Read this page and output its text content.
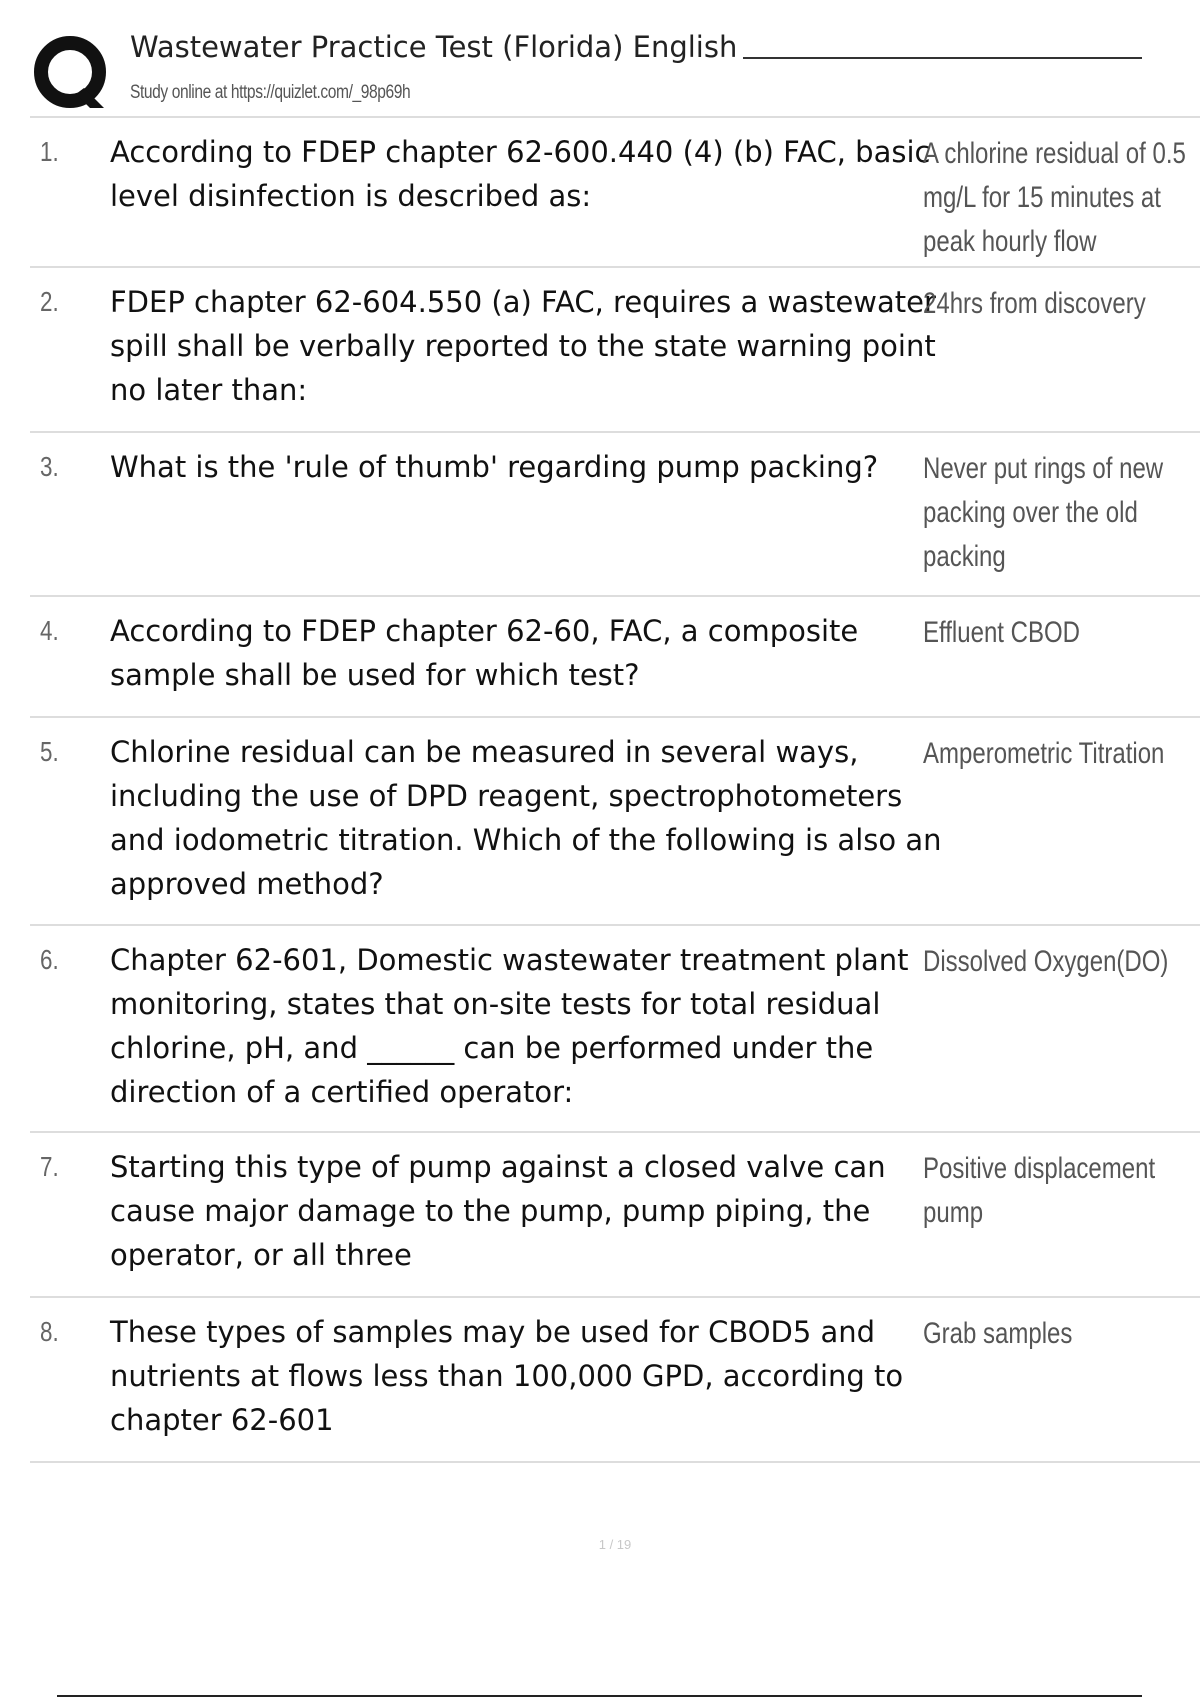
Wastewater Practice Test (Florida) English
Study online at https://quizlet.com/_98p69h
1. According to FDEP chapter 62-600.440 (4) (b) FAC, basic level disinfection is described as:

A chlorine residual of 0.5 mg/L for 15 minutes at peak hourly flow
2. FDEP chapter 62-604.550 (a) FAC, requires a wastewater spill shall be verbally reported to the state warning point no later than:

24hrs from discovery
3. What is the 'rule of thumb' regarding pump packing?	Never put rings of new packing over the old packing
4. According to FDEP chapter 62-60, FAC, a composite sample shall be used for which test?

Effluent CBOD
5. Chlorine residual can be measured in several ways, including the use of DPD reagent, spectrophotometers and iodometric titration. Which of the following is also an approved method?

Amperometric Titration
6. Chapter 62-601, Domestic wastewater treatment plant monitoring, states that on-site tests for total residual chlorine, pH, and ______ can be performed under the direction of a certified operator:

Dissolved Oxygen(DO)
7. Starting this type of pump against a closed valve can cause major damage to the pump, pump piping, the operator, or all three

Positive displacement pump
8. These types of samples may be used for CBOD5 and nutrients at flows less than 100,000 GPD, according to chapter 62-601

Grab samples
1 / 19
